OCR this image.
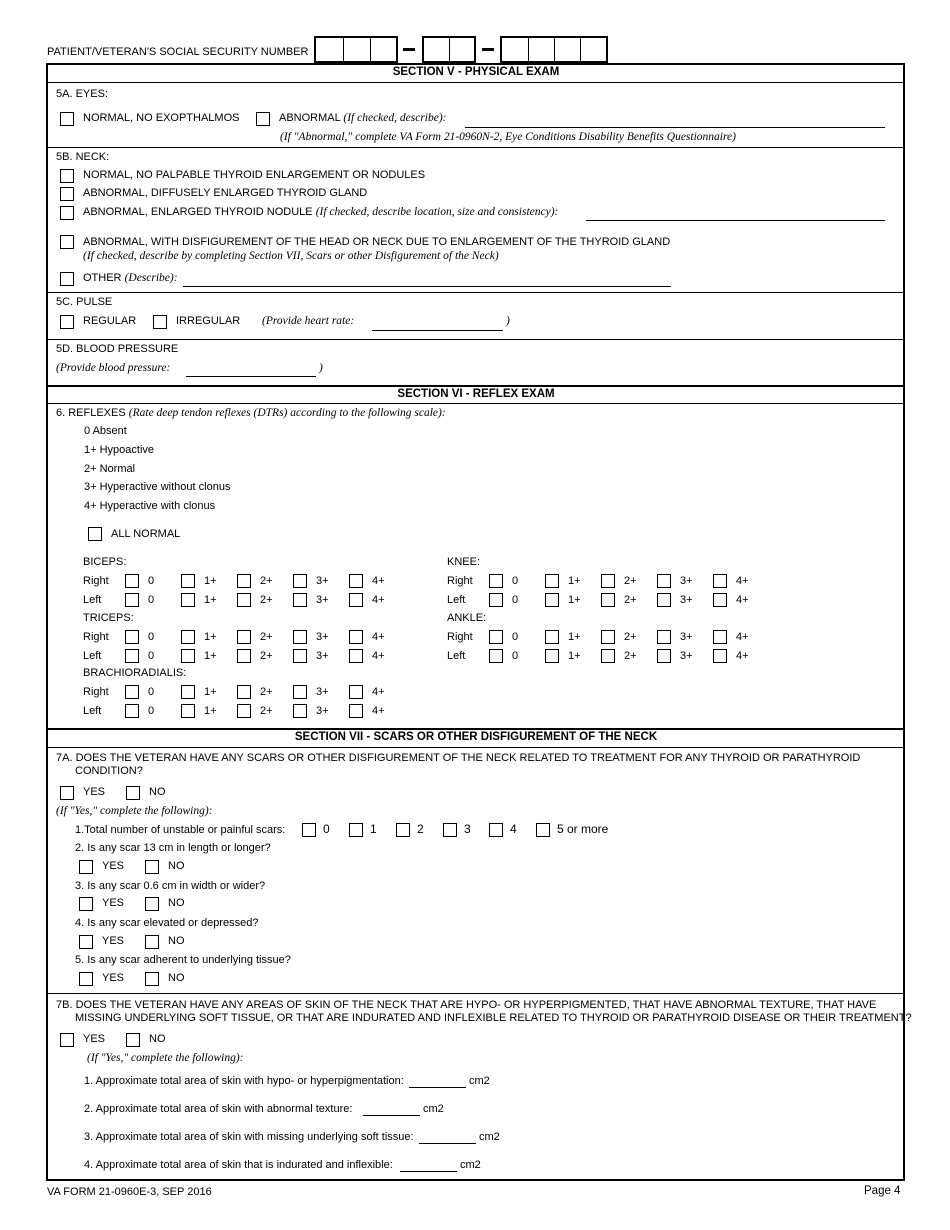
PATIENT/VETERAN'S SOCIAL SECURITY NUMBER
SECTION V - PHYSICAL EXAM
5A. EYES:
NORMAL, NO EXOPTHALMOS	ABNORMAL (If checked, describe):
(If "Abnormal," complete VA Form 21-0960N-2, Eye Conditions Disability Benefits Questionnaire)
5B. NECK:
NORMAL, NO PALPABLE THYROID ENLARGEMENT OR NODULES
ABNORMAL, DIFFUSELY ENLARGED THYROID GLAND
ABNORMAL, ENLARGED THYROID NODULE (If checked, describe location, size and consistency):
ABNORMAL, WITH DISFIGUREMENT OF THE HEAD OR NECK DUE TO ENLARGEMENT OF THE THYROID GLAND
(If checked, describe by completing Section VII, Scars or other Disfigurement of the Neck)
OTHER (Describe):
5C. PULSE
REGULAR	IRREGULAR (Provide heart rate:	)
5D. BLOOD PRESSURE
(Provide blood pressure:	)
SECTION VI - REFLEX EXAM
6. REFLEXES (Rate deep tendon reflexes (DTRs) according to the following scale):
0 Absent
1+ Hypoactive
2+ Normal
3+ Hyperactive without clonus
4+ Hyperactive with clonus
ALL NORMAL
BICEPS:
Right	0	1+	2+	3+	4+
Left	0	1+	2+	3+	4+
TRICEPS:
Right	0	1+	2+	3+	4+
Left	0	1+	2+	3+	4+
BRACHIORADIALIS:
Right	0	1+	2+	3+	4+
Left	0	1+	2+	3+	4+
KNEE:
Right	0	1+	2+	3+	4+
Left	0	1+	2+	3+	4+
ANKLE:
Right	0	1+	2+	3+	4+
Left	0	1+	2+	3+	4+
SECTION VII - SCARS OR OTHER DISFIGUREMENT OF THE NECK
7A. DOES THE VETERAN HAVE ANY SCARS OR OTHER DISFIGUREMENT OF THE NECK RELATED TO TREATMENT FOR ANY THYROID OR PARATHYROID
CONDITION?
YES	NO
(If "Yes," complete the following):
1.Total number of unstable or painful scars:	0	1	2	3	4	5 or more
2. Is any scar 13 cm in length or longer?
YES	NO
3. Is any scar 0.6 cm in width or wider?
YES	NO
4. Is any scar elevated or depressed?
YES	NO
5. Is any scar adherent to underlying tissue?
YES	NO
7B. DOES THE VETERAN HAVE ANY AREAS OF SKIN OF THE NECK THAT ARE HYPO- OR HYPERPIGMENTED, THAT HAVE ABNORMAL TEXTURE, THAT HAVE
MISSING UNDERLYING SOFT TISSUE, OR THAT ARE INDURATED AND INFLEXIBLE RELATED TO THYROID OR PARATHYROID DISEASE OR THEIR TREATMENT?
YES	NO
(If "Yes," complete the following):
1. Approximate total area of skin with hypo- or hyperpigmentation:	cm2
2. Approximate total area of skin with abnormal texture:	cm2
3. Approximate total area of skin with missing underlying soft tissue:	cm2
4. Approximate total area of skin that is indurated and inflexible:	cm2
VA FORM 21-0960E-3, SEP 2016	Page 4
